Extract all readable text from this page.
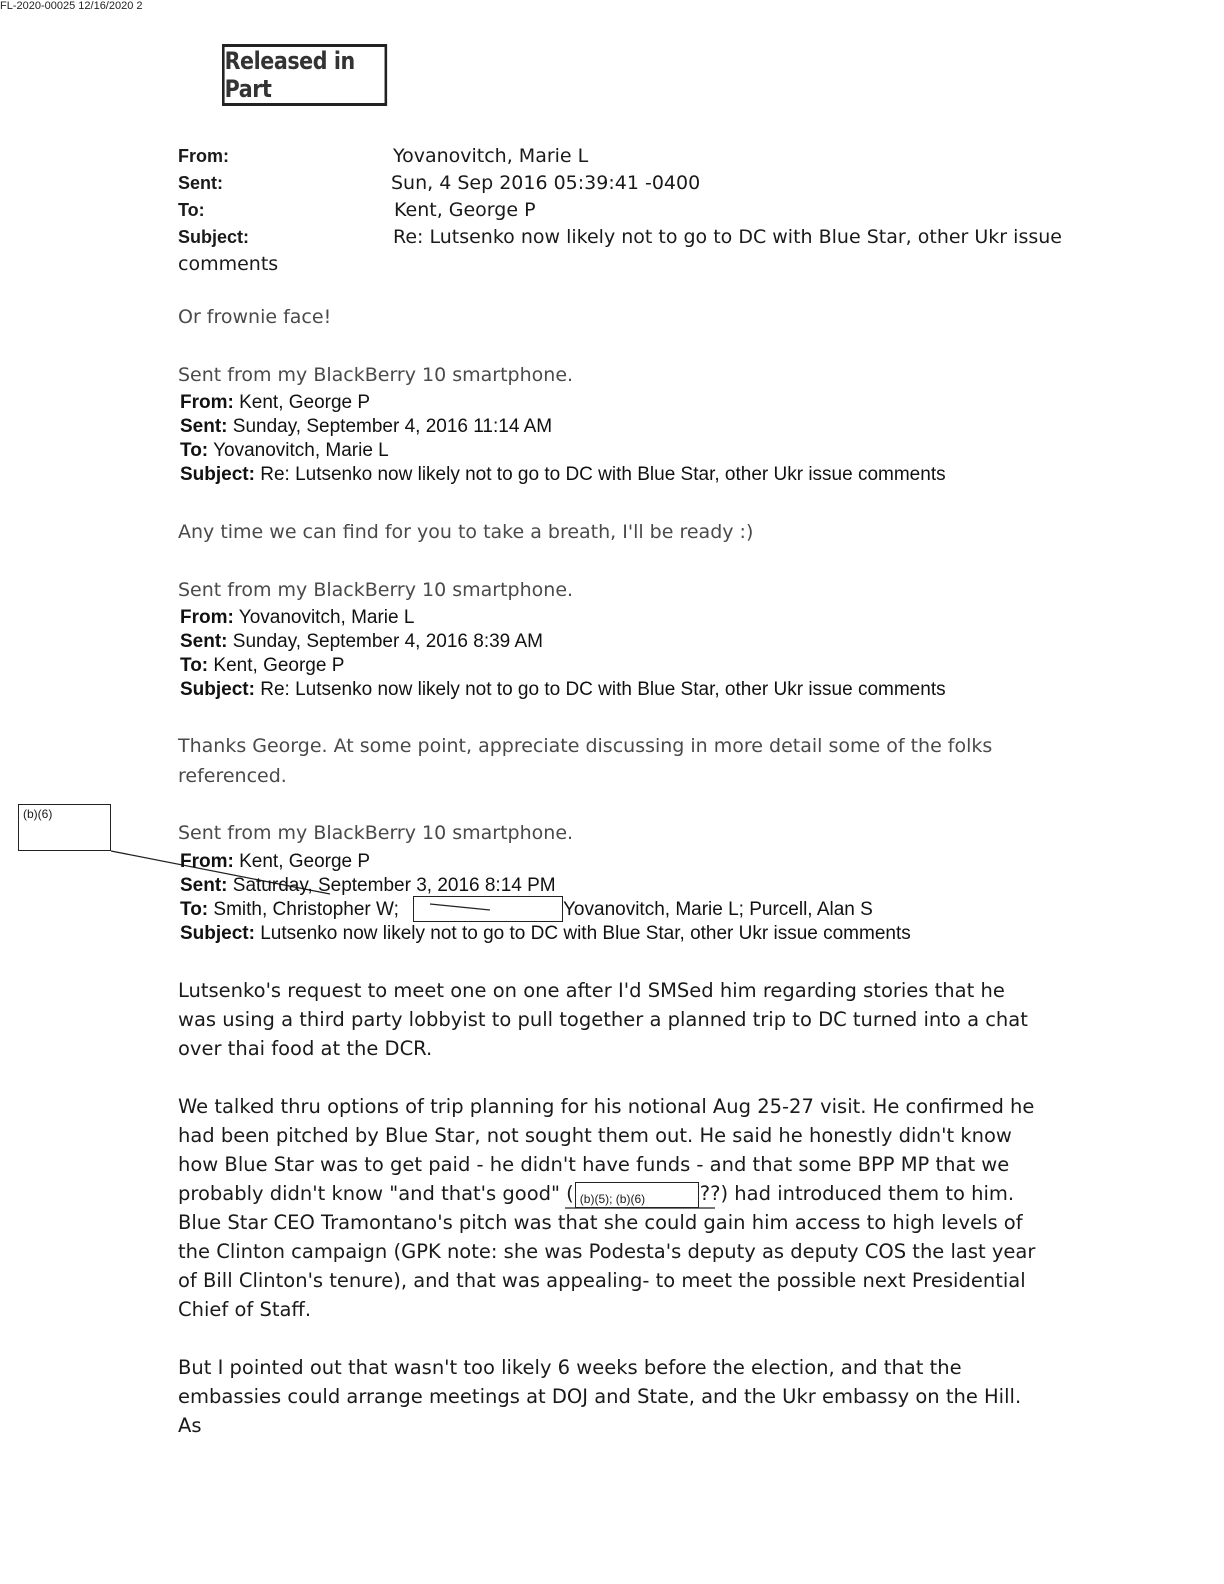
FL-2020-00025 12/16/2020 2
Released in Part
From:	Yovanovitch, Marie L
Sent:	Sun, 4 Sep 2016 05:39:41 -0400
To:	Kent, George P
Subject:	Re: Lutsenko now likely not to go to DC with Blue Star, other Ukr issue
comments
Or frownie face!
Sent from my BlackBerry 10 smartphone.
From: Kent, George P
Sent: Sunday, September 4, 2016 11:14 AM
To: Yovanovitch, Marie L
Subject: Re: Lutsenko now likely not to go to DC with Blue Star, other Ukr issue comments
Any time we can find for you to take a breath, I'll be ready :)
Sent from my BlackBerry 10 smartphone.
From: Yovanovitch, Marie L
Sent: Sunday, September 4, 2016 8:39 AM
To: Kent, George P
Subject: Re: Lutsenko now likely not to go to DC with Blue Star, other Ukr issue comments
Thanks George. At some point, appreciate discussing in more detail some of the folks
referenced.
Sent from my BlackBerry 10 smartphone.
(b)(6)
From: Kent, George P
Sent: Saturday, September 3, 2016 8:14 PM
To: Smith, Christopher W;	Yovanovitch, Marie L; Purcell, Alan S
Subject: Lutsenko now likely not to go to DC with Blue Star, other Ukr issue comments

Lutsenko's request to meet one on one after I'd SMSed him regarding stories that he was using a third party lobbyist to pull together a planned trip to DC turned into a chat over thai food at the DCR.

We talked thru options of trip planning for his notional Aug 25-27 visit. He confirmed he had been pitched by Blue Star, not sought them out. He said he honestly didn't know how Blue Star was to get paid - he didn't have funds - and that some BPP MP that we probably didn't know "and that's good" ( (b)(5); (b)(6)	??) had introduced them to him. Blue Star CEO Tramontano's pitch was that she could gain him access to high levels of the Clinton campaign (GPK note: she was Podesta's deputy as deputy COS the last year of Bill Clinton's tenure), and that was appealing- to meet the possible next Presidential Chief of Staff.

But I pointed out that wasn't too likely 6 weeks before the election, and that the embassies could arrange meetings at DOJ and State, and the Ukr embassy on the Hill. As
